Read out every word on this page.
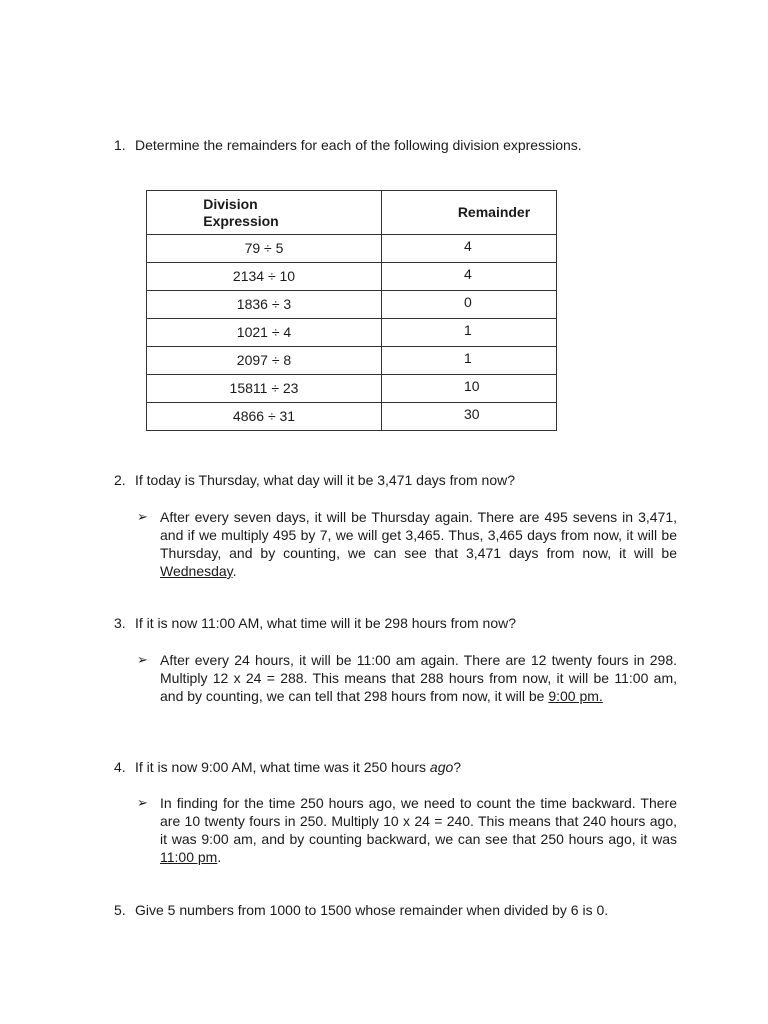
1. Determine the remainders for each of the following division expressions.
Division
Expression	Remainder
79 ÷ 5	4
2134 ÷ 10	4
1836 ÷ 3	0
1021 ÷ 4	1
2097 ÷ 8	1
15811 ÷ 23	10
4866 ÷ 31	30
2. If today is Thursday, what day will it be 3,471 days from now?
➢ After every seven days, it will be Thursday again. There are 495 sevens in 3,471, and if we multiply 495 by 7, we will get 3,465. Thus, 3,465 days from now, it will be Thursday, and by counting, we can see that 3,471 days from now, it will be Wednesday.
3. If it is now 11:00 AM, what time will it be 298 hours from now?
➢ After every 24 hours, it will be 11:00 am again. There are 12 twenty fours in 298. Multiply 12 x 24 = 288. This means that 288 hours from now, it will be 11:00 am, and by counting, we can tell that 298 hours from now, it will be 9:00 pm.
4. If it is now 9:00 AM, what time was it 250 hours ago?
➢ In finding for the time 250 hours ago, we need to count the time backward. There are 10 twenty fours in 250. Multiply 10 x 24 = 240. This means that 240 hours ago, it was 9:00 am, and by counting backward, we can see that 250 hours ago, it was 11:00 pm.
5. Give 5 numbers from 1000 to 1500 whose remainder when divided by 6 is 0.
